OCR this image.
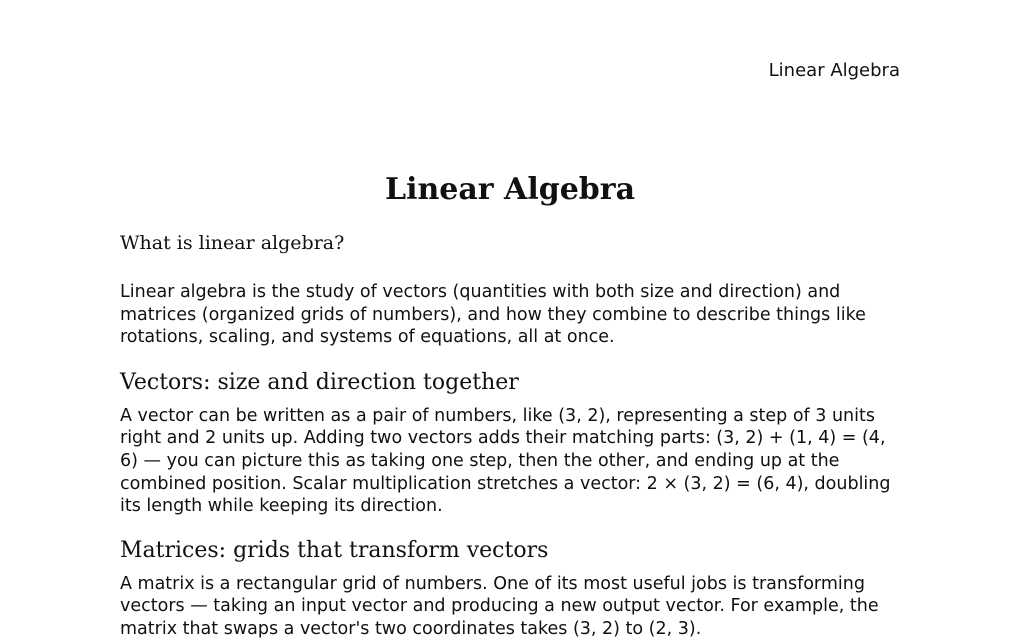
Linear Algebra
Linear Algebra
What is linear algebra?

Linear algebra is the study of vectors (quantities with both size and direction) and matrices (organized grids of numbers), and how they combine to describe things like rotations, scaling, and systems of equations, all at once.

Vectors: size and direction together

A vector can be written as a pair of numbers, like (3, 2), representing a step of 3 units right and 2 units up. Adding two vectors adds their matching parts: (3, 2) + (1, 4) = (4, 6) — you can picture this as taking one step, then the other, and ending up at the combined position. Scalar multiplication stretches a vector: 2 × (3, 2) = (6, 4), doubling its length while keeping its direction.

Matrices: grids that transform vectors

A matrix is a rectangular grid of numbers. One of its most useful jobs is transforming vectors — taking an input vector and producing a new output vector. For example, the matrix that swaps a vector's two coordinates takes (3, 2) to (2, 3).
